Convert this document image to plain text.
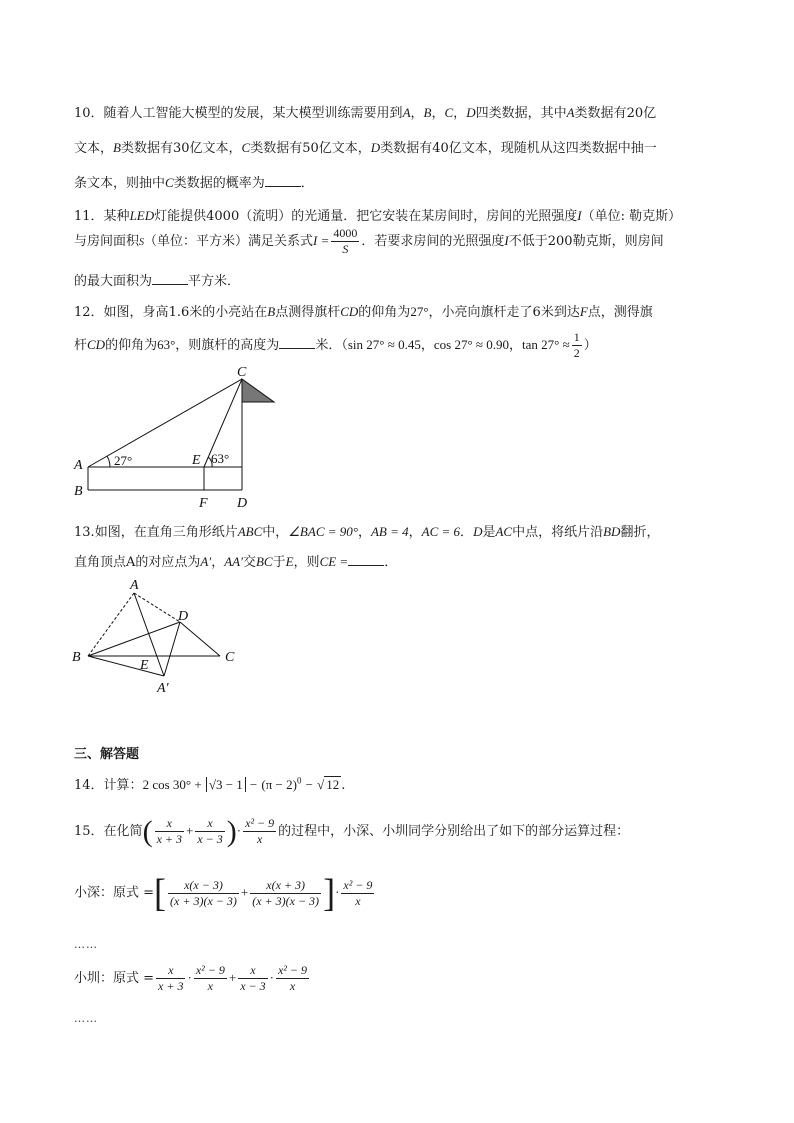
10．随着人工智能大模型的发展，某大模型训练需要用到A，B，C，D四类数据，其中A类数据有20亿
文本，B类数据有30亿文本，C类数据有50亿文本，D类数据有40亿文本，现随机从这四类数据中抽一
条文本，则抽中C类数据的概率为	．
11．某种LED灯能提供4000（流明）的光通量．把它安装在某房间时，房间的光照强度I（单位: 勒克斯）
与房间面积S（单位：平方米）满足关系式$I = \frac{4000}{S}$ ．若要求房间的光照强度I不低于200勒克斯，则房间
的最大面积为	平方米．
12．如图，身高1.6米的小亮站在B点测得旗杆CD的仰角为27°，小亮向旗杆走了6米到达F点，测得旗
杆CD的仰角为63°，则旗杆的高度为	米．（sin 27° ≈ 0.45，cos 27° ≈ 0.90，$\tan 27^\circ \approx \frac{1}{2}$ ）
C
A
B
E
F D
27°	63°
13.如图，在直角三角形纸片ABC中，∠BAC = 90°，AB = 4，AC = 6．D是AC中点，将纸片沿BD翻折，
直角顶点A的对应点为A′，AA′交BC于E，则CE =	．
A
D
B
E
C
A′
三、解答题
14．计算：2 $\cos 30^\circ + √3 - 1 - (\pi - 2)^0$ − √ 12 .
15．在化简( $\frac{x}{x + 3} + \frac{x}{x - 3}$ )· $\frac{\text{x² − 9}}{x}$ 的过程中，小深、小圳同学分别给出了如下的部分运算过程：
小深：原式 =[ $\frac{x(x - 3)}{(x + 3)(x - 3)} + \frac{x(x + 3)}{(x + 3)(x - 3)}$ ]· $\frac{\text{x² − 9}}{x}$
……
小圳：原式 = $\frac{x}{x + 3} \cdot \frac{\text{x² − 9}}{x} + \frac{x}{x - 3} \cdot \frac{\text{x² − 9}}{x}$
……
